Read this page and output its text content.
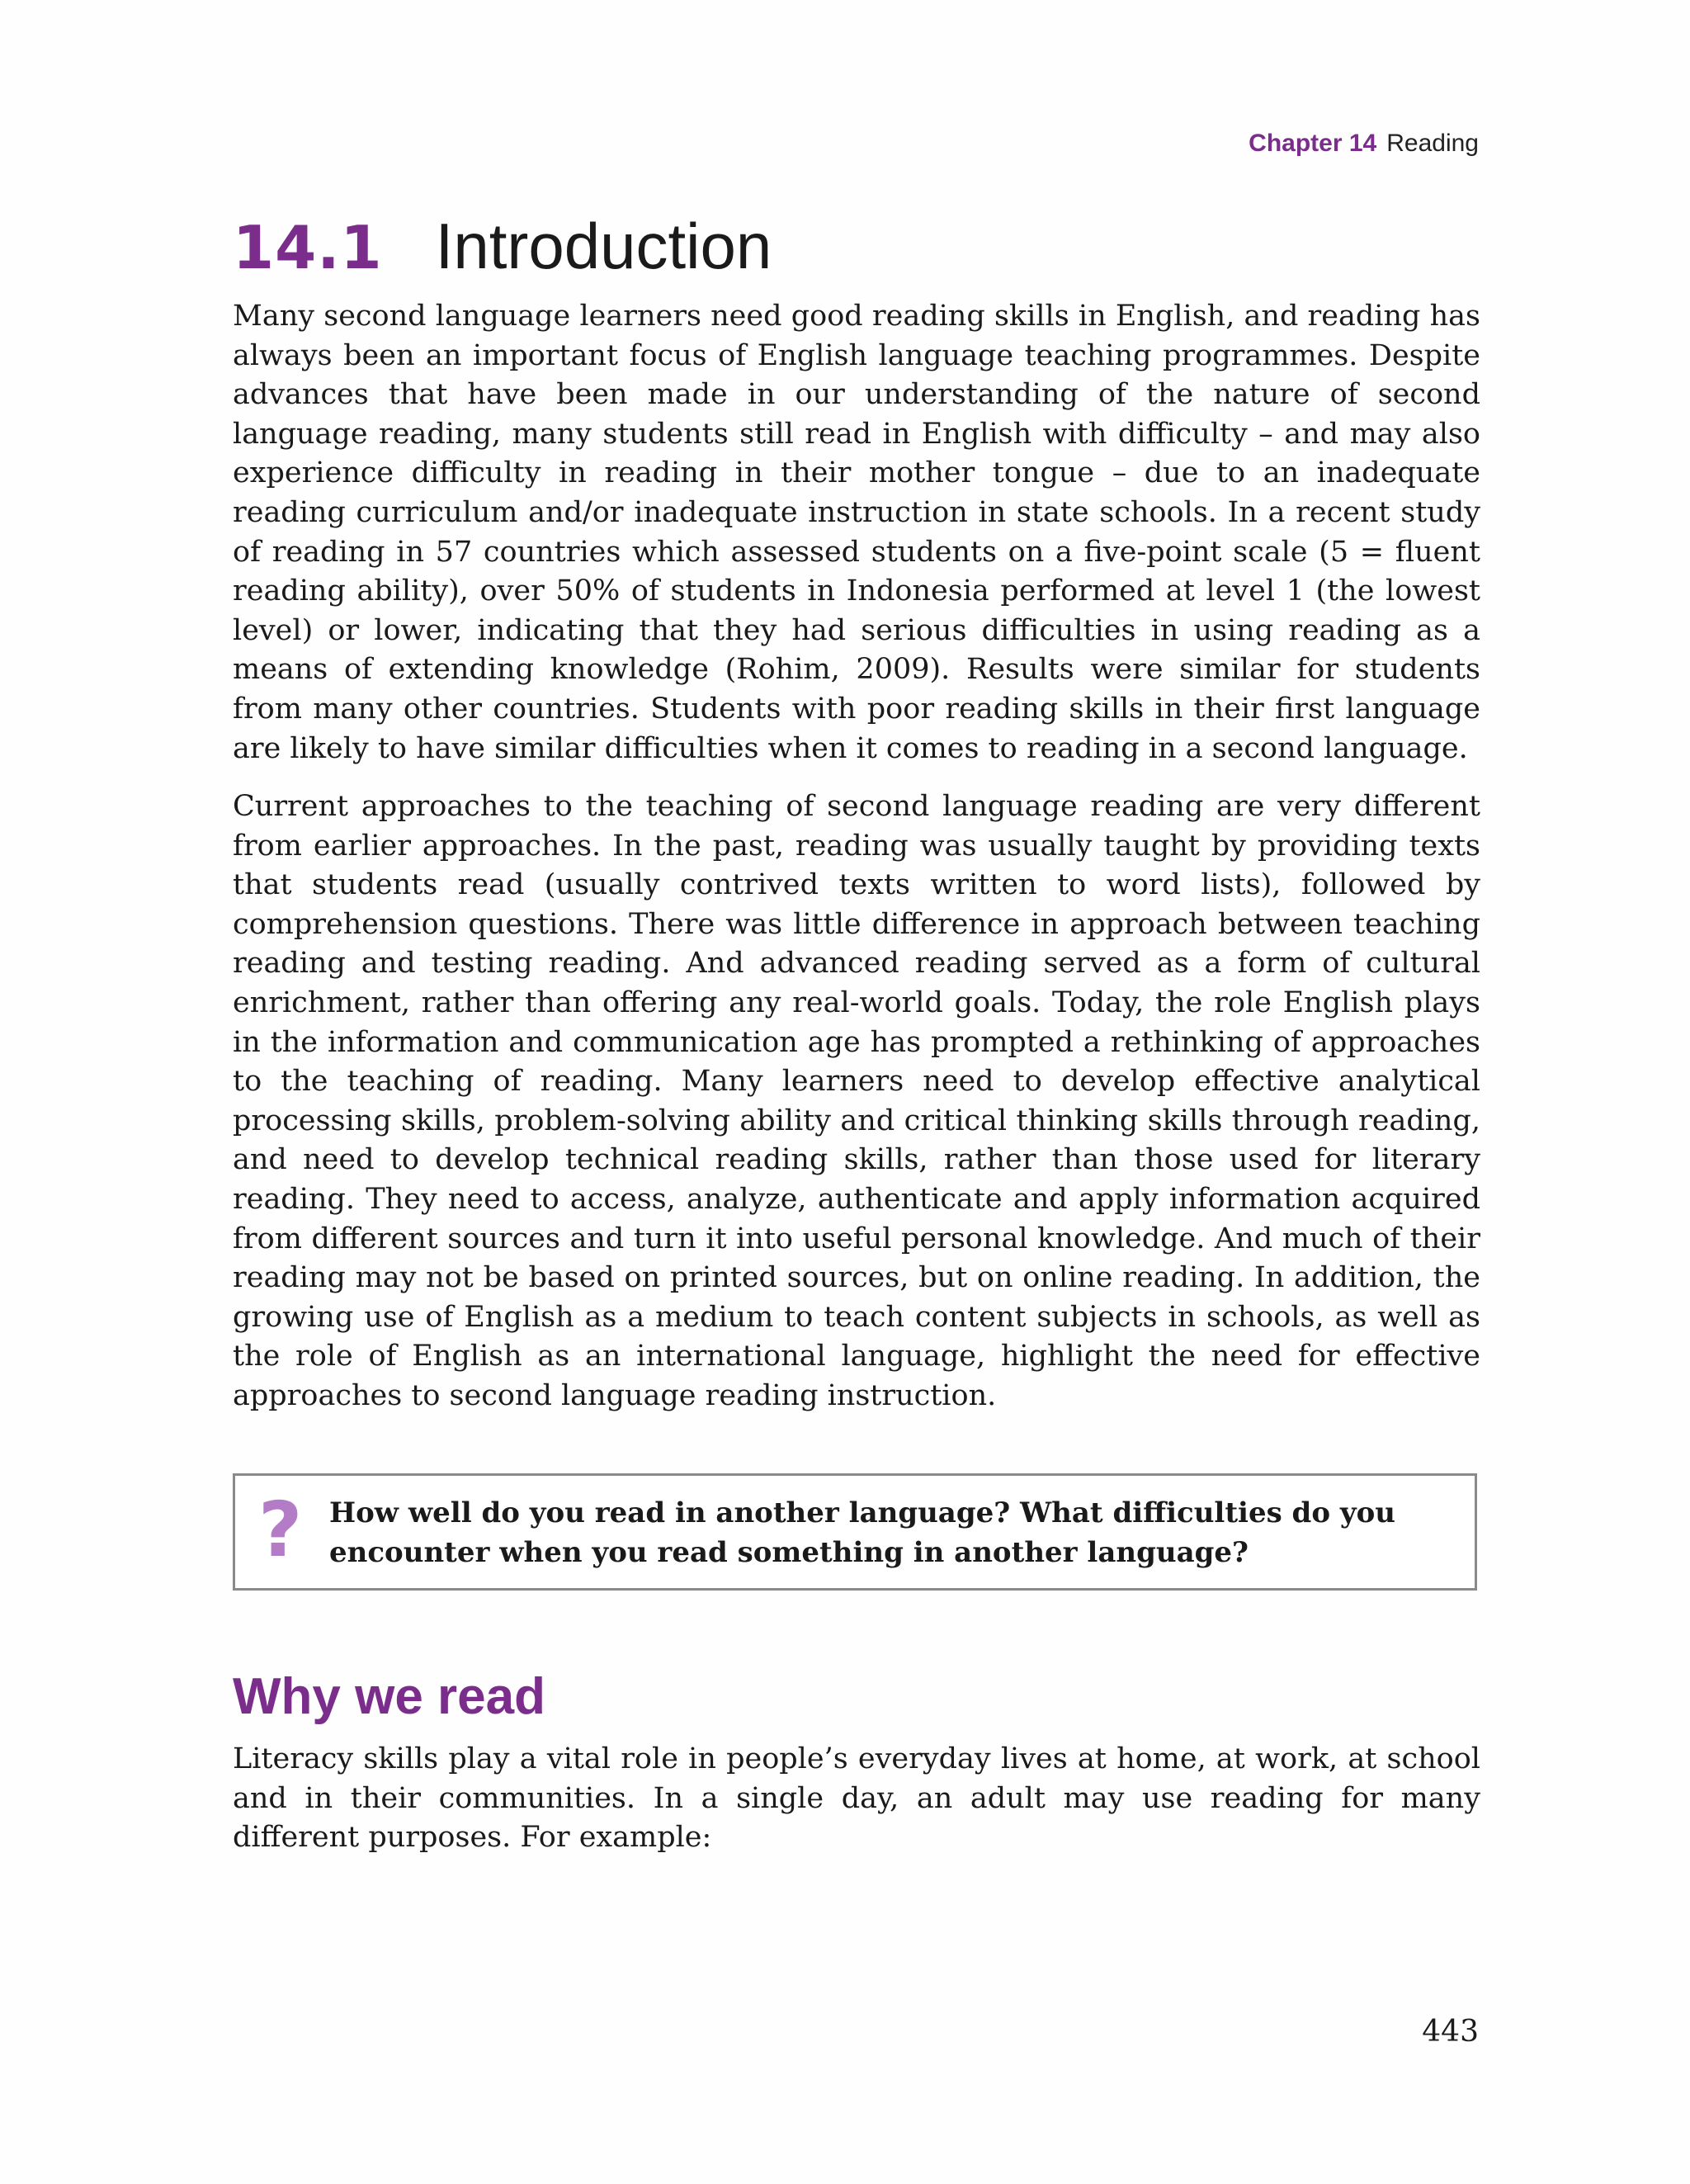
Chapter 14 Reading
14.1 Introduction

Many second language learners need good reading skills in English, and reading has always been an important focus of English language teaching programmes. Despite advances that have been made in our understanding of the nature of second language reading, many students still read in English with difficulty – and may also experience difficulty in reading in their mother tongue – due to an inadequate reading curriculum and/or inadequate instruction in state schools. In a recent study of reading in 57 countries which assessed students on a five-point scale (5 = fluent reading ability), over 50% of students in Indonesia performed at level 1 (the lowest level) or lower, indicating that they had serious difficulties in using reading as a means of extending knowledge (Rohim, 2009). Results were similar for students from many other countries. Students with poor reading skills in their first language are likely to have similar difficulties when it comes to reading in a second language.

Current approaches to the teaching of second language reading are very different from earlier approaches. In the past, reading was usually taught by providing texts that students read (usually contrived texts written to word lists), followed by comprehension questions. There was little difference in approach between teaching reading and testing reading. And advanced reading served as a form of cultural enrichment, rather than offering any real-world goals. Today, the role English plays in the information and communication age has prompted a rethinking of approaches to the teaching of reading. Many learners need to develop effective analytical processing skills, problem-solving ability and critical thinking skills through reading, and need to develop technical reading skills, rather than those used for literary reading. They need to access, analyze, authenticate and apply information acquired from different sources and turn it into useful personal knowledge. And much of their reading may not be based on printed sources, but on online reading. In addition, the growing use of English as a medium to teach content subjects in schools, as well as the role of English as an international language, highlight the need for effective approaches to second language reading instruction.

? How well do you read in another language? What difficulties do you encounter when you read something in another language?
Why we read

Literacy skills play a vital role in people’s everyday lives at home, at work, at school and in their communities. In a single day, an adult may use reading for many different purposes. For example:

443
